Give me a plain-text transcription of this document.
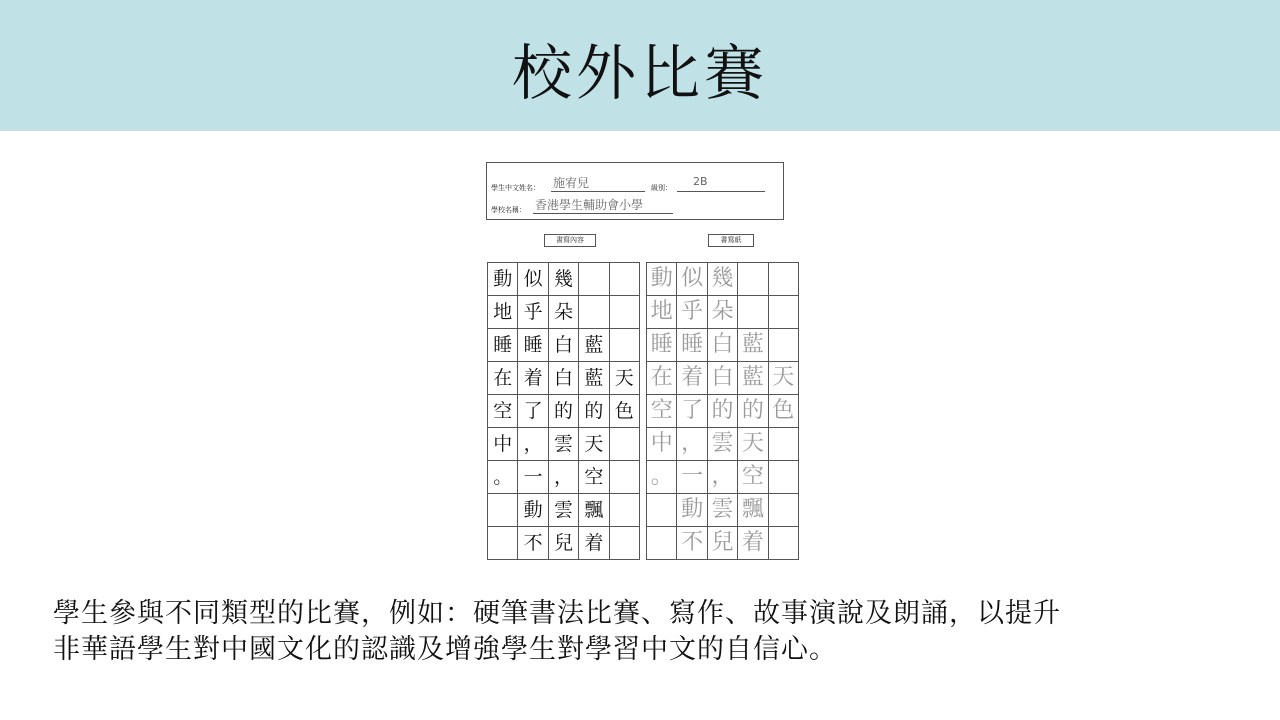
校外比賽
學生中文姓名： 施宥兒	級別： 2B
學校名稱： 香港學生輔助會小學
書寫內容	書寫紙
動
地
睡
在
空
中
。
似
乎
睡
着
了
，
一
動
不
幾
朵
白
白
的
雲
，
雲
兒
藍
藍
的
天
空
飄
着
天
色
動
地
睡
在
空
中
。
似
乎
睡
着
了
，
一
動
不
幾
朵
白
白
的
雲
，
雲
兒
藍
藍
的
天
空
飄
着
天
色
學生參與不同類型的比賽，例如：硬筆書法比賽、寫作、故事演說及朗誦，以提升
非華語學生對中國文化的認識及增強學生對學習中文的自信心。
